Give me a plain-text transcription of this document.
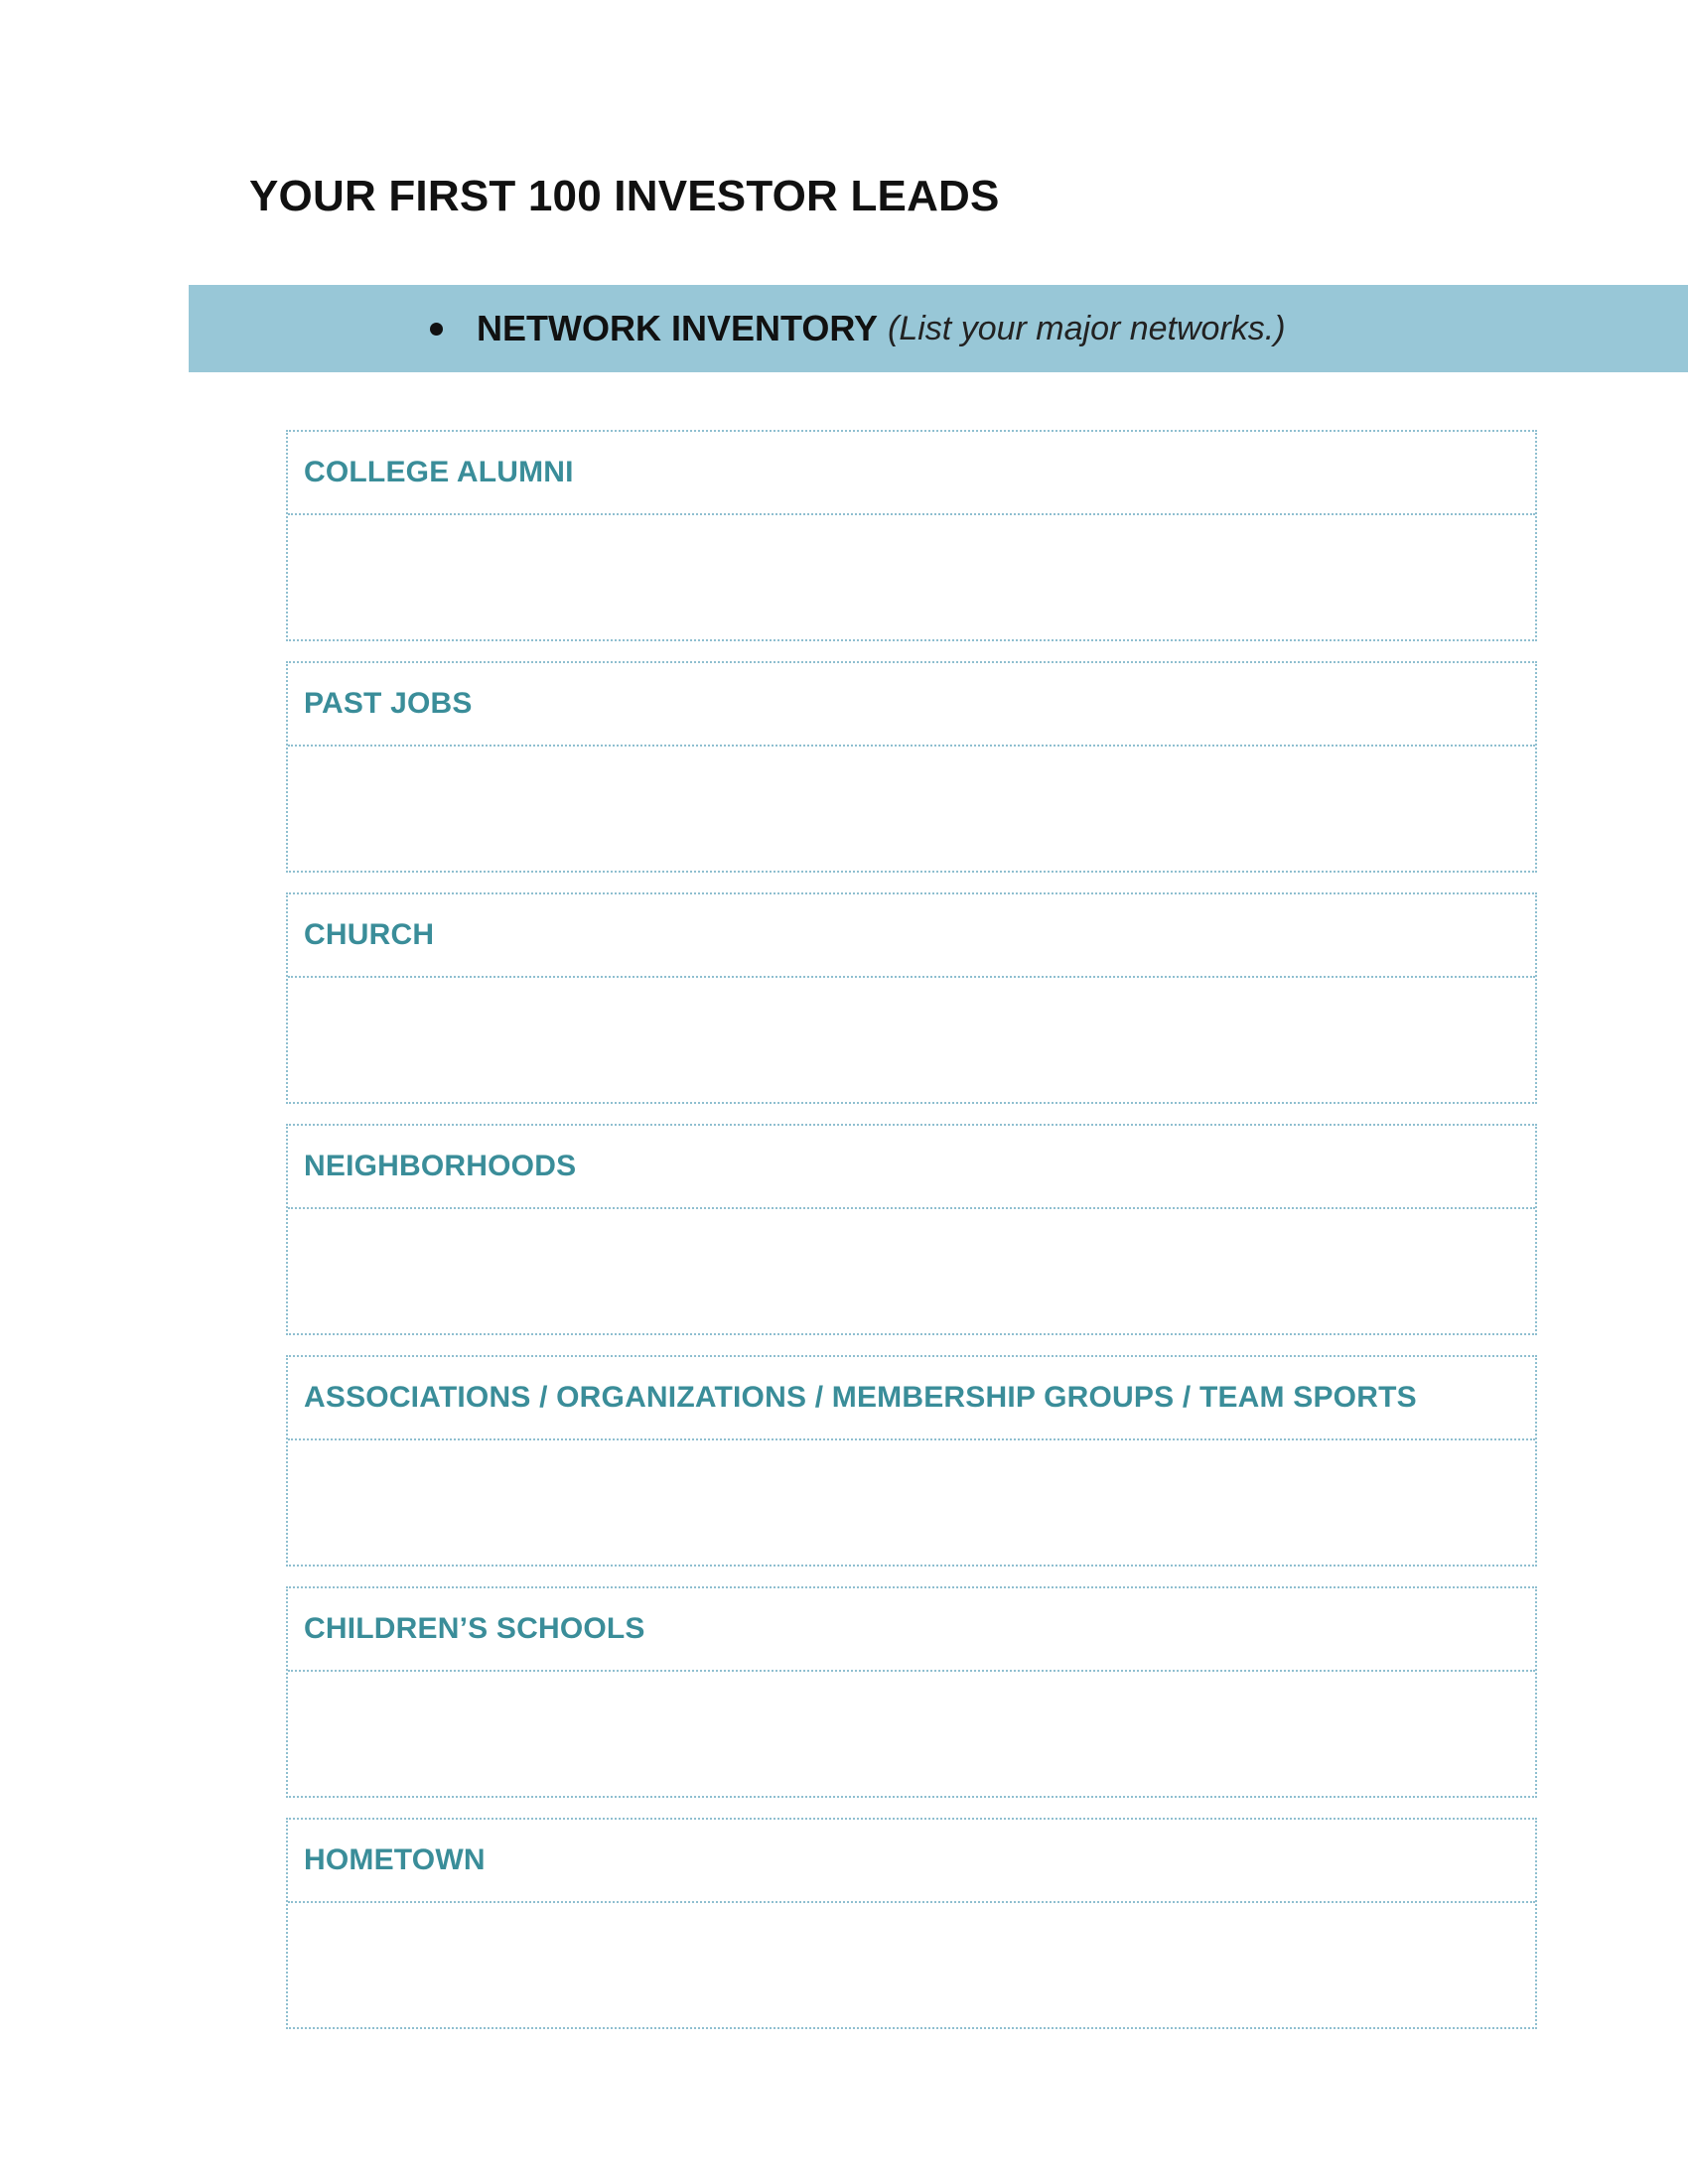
YOUR FIRST 100 INVESTOR LEADS
NETWORK INVENTORY (List your major networks.)
COLLEGE ALUMNI
PAST JOBS
CHURCH
NEIGHBORHOODS
ASSOCIATIONS / ORGANIZATIONS / MEMBERSHIP GROUPS / TEAM SPORTS
CHILDREN’S SCHOOLS
HOMETOWN
